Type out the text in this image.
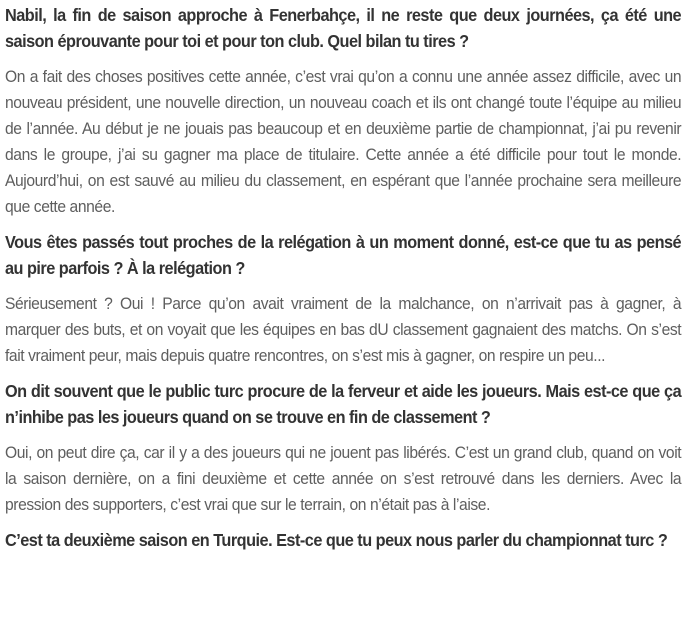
Nabil, la fin de saison approche à Fenerbahçe, il ne reste que deux journées, ça été une saison éprouvante pour toi et pour ton club. Quel bilan tu tires ?

On a fait des choses positives cette année, c’est vrai qu’on a connu une année assez difficile, avec un nouveau président, une nouvelle direction, un nouveau coach et ils ont changé toute l’équipe au milieu de l’année. Au début je ne jouais pas beaucoup et en deuxième partie de championnat, j’ai pu revenir dans le groupe, j’ai su gagner ma place de titulaire. Cette année a été difficile pour tout le monde. Aujourd’hui, on est sauvé au milieu du classement, en espérant que l’année prochaine sera meilleure que cette année.

Vous êtes passés tout proches de la relégation à un moment donné, est-ce que tu as pensé au pire parfois ? À la relégation ?

Sérieusement ? Oui ! Parce qu’on avait vraiment de la malchance, on n’arrivait pas à gagner, à marquer des buts, et on voyait que les équipes en bas dU classement gagnaient des matchs. On s’est fait vraiment peur, mais depuis quatre rencontres, on s’est mis à gagner, on respire un peu...

On dit souvent que le public turc procure de la ferveur et aide les joueurs. Mais est-ce que ça n’inhibe pas les joueurs quand on se trouve en fin de classement ?

Oui, on peut dire ça, car il y a des joueurs qui ne jouent pas libérés. C’est un grand club, quand on voit la saison dernière, on a fini deuxième et cette année on s’est retrouvé dans les derniers. Avec la pression des supporters, c’est vrai que sur le terrain, on n’était pas à l’aise.

C’est ta deuxième saison en Turquie. Est-ce que tu peux nous parler du championnat turc ?
